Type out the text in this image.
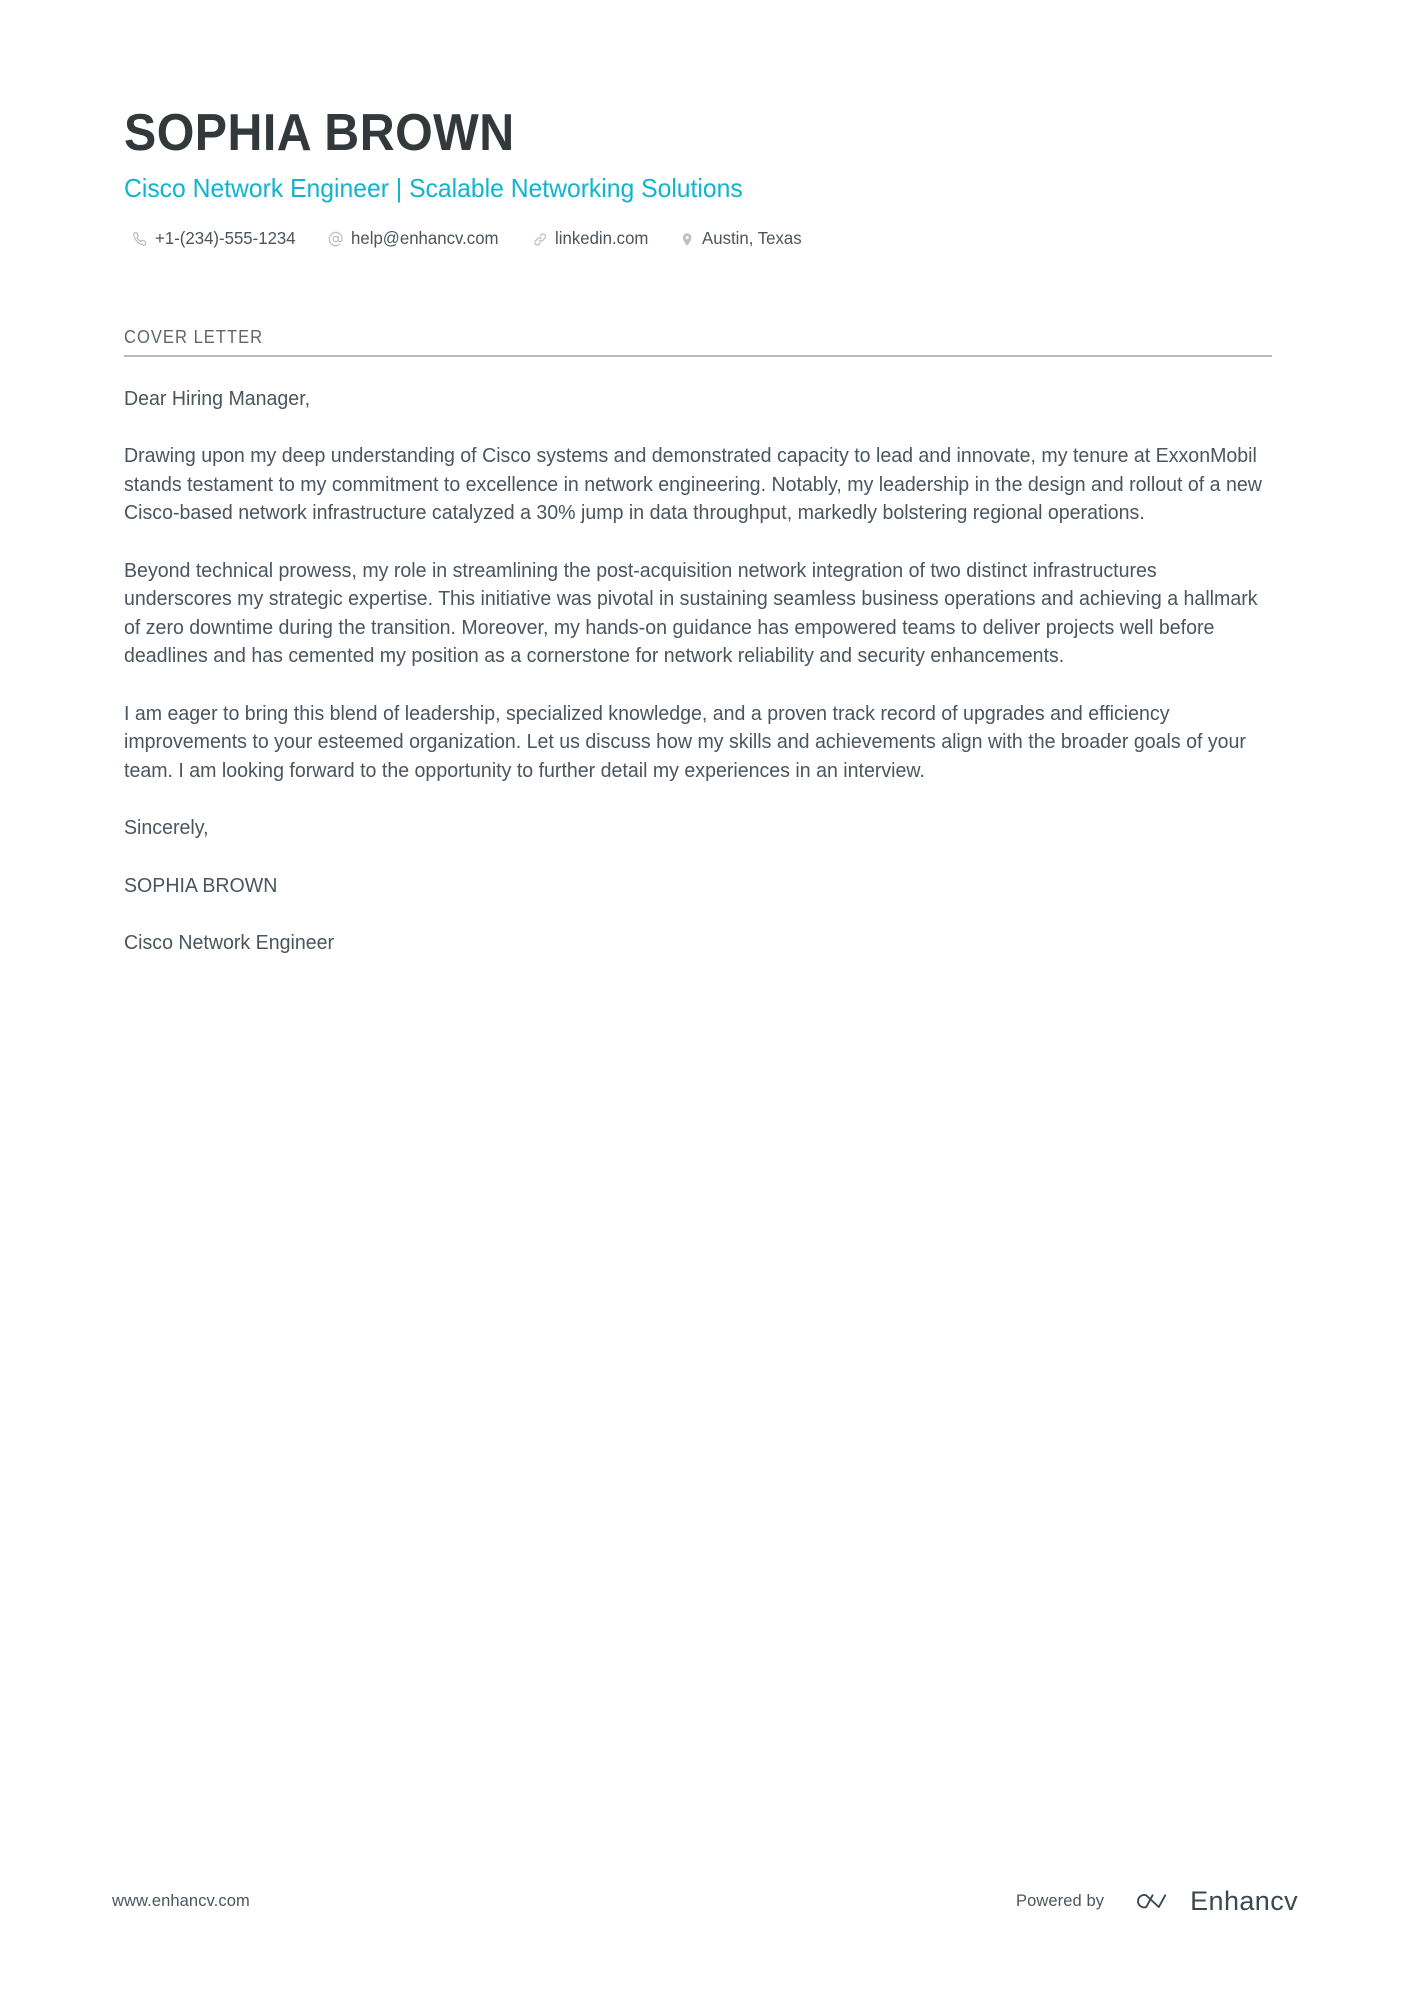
SOPHIA BROWN
Cisco Network Engineer | Scalable Networking Solutions
+1-(234)-555-1234	help@enhancv.com	linkedin.com	Austin, Texas
COVER LETTER

Dear Hiring Manager,

Drawing upon my deep understanding of Cisco systems and demonstrated capacity to lead and innovate, my tenure at ExxonMobil stands testament to my commitment to excellence in network engineering. Notably, my leadership in the design and rollout of a new Cisco-based network infrastructure catalyzed a 30% jump in data throughput, markedly bolstering regional operations.

Beyond technical prowess, my role in streamlining the post-acquisition network integration of two distinct infrastructures underscores my strategic expertise. This initiative was pivotal in sustaining seamless business operations and achieving a hallmark of zero downtime during the transition. Moreover, my hands-on guidance has empowered teams to deliver projects well before deadlines and has cemented my position as a cornerstone for network reliability and security enhancements.

I am eager to bring this blend of leadership, specialized knowledge, and a proven track record of upgrades and efficiency improvements to your esteemed organization. Let us discuss how my skills and achievements align with the broader goals of your team. I am looking forward to the opportunity to further detail my experiences in an interview.

Sincerely,

SOPHIA BROWN

Cisco Network Engineer

www.enhancv.com	Powered by	Enhancv
